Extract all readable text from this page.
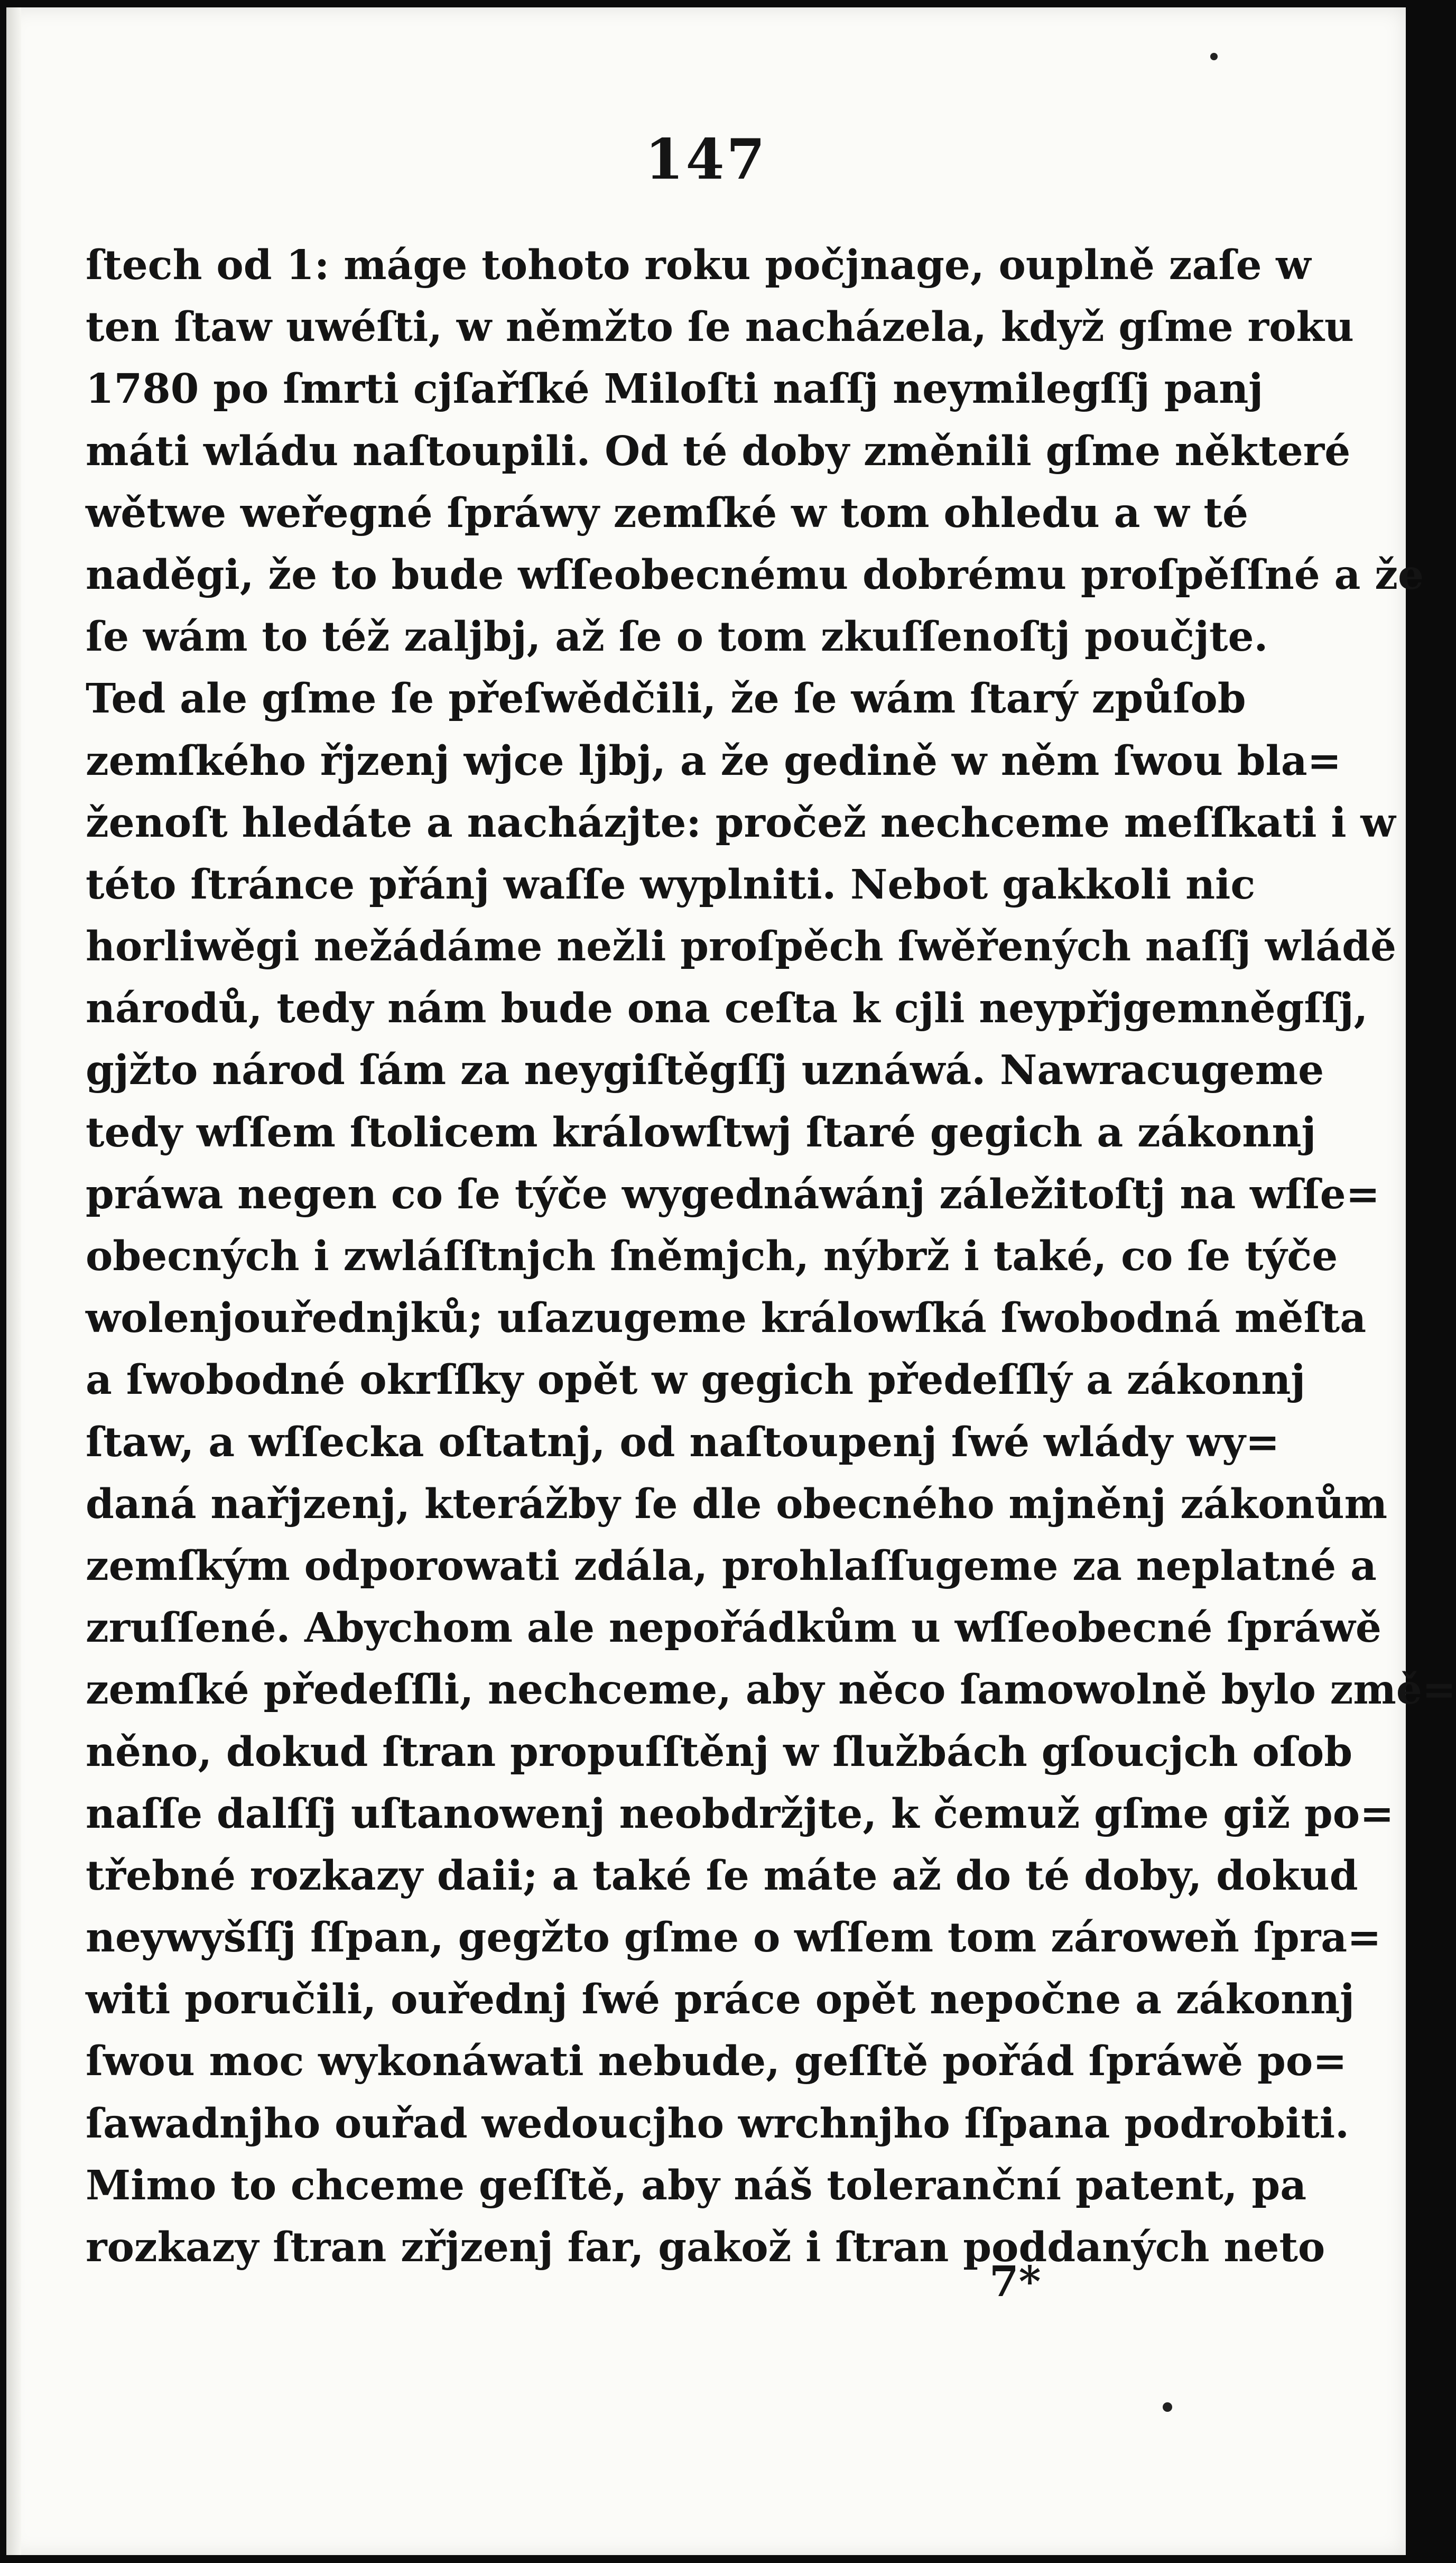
147
ſtech od 1: máge tohoto roku počjnage, ouplně zaſe w
ten ſtaw uwéſti, w němžto ſe nacházela, když gſme roku
1780 po ſmrti cjſařſké Miloſti naſſj neymilegſſj panj
máti wládu naſtoupili. Od té doby změnili gſme některé
wětwe weřegné ſpráwy zemſké w tom ohledu a w té
naděgi, že to bude wſſeobecnému dobrému proſpěſſné a že
ſe wám to též zaljbj, až ſe o tom zkuſſenoſtj poučjte.
Ted ale gſme ſe přeſwědčili, že ſe wám ſtarý způſob
zemſkého řjzenj wjce ljbj, a že gedině w něm ſwou bla=
ženoſt hledáte a nacházjte: pročež nechceme meſſkati i w
této ſtránce přánj waſſe wyplniti. Nebot gakkoli nic
horliwěgi nežádáme nežli proſpěch ſwěřených naſſj wládě
národů, tedy nám bude ona ceſta k cjli neypřjgemněgſſj,
gjžto národ ſám za neygiſtěgſſj uznáwá. Nawracugeme
tedy wſſem ſtolicem králowſtwj ſtaré gegich a zákonnj
práwa negen co ſe týče wygednáwánj záležitoſtj na wſſe=
obecných i zwláſſtnjch ſněmjch, nýbrž i také, co ſe týče
wolenjouřednjků; uſazugeme králowſká ſwobodná měſta
a ſwobodné okrſſky opět w gegich předeſſlý a zákonnj
ſtaw, a wſſecka oſtatnj, od naſtoupenj ſwé wlády wy=
daná nařjzenj, kterážby ſe dle obecného mjněnj zákonům
zemſkým odporowati zdála, prohlaſſugeme za neplatné a
zruſſené. Abychom ale nepořádkům u wſſeobecné ſpráwě
zemſké předeſſli, nechceme, aby něco ſamowolně bylo změ=
něno, dokud ſtran propuſſtěnj w ſlužbách gſoucjch oſob
naſſe dalſſj uſtanowenj neobdržjte, k čemuž gſme giž po=
třebné rozkazy daii; a také ſe máte až do té doby, dokud
neywyšſſj ſſpan, gegžto gſme o wſſem tom zároweň ſpra=
witi poručili, ouřednj ſwé práce opět nepočne a zákonnj
ſwou moc wykonáwati nebude, geſſtě pořád ſpráwě po=
ſawadnjho ouřad wedoucjho wrchnjho ſſpana podrobiti.
Mimo to chceme geſſtě, aby náš toleranční patent, pa
rozkazy ſtran zřjzenj far, gakož i ſtran poddaných neto
7*
